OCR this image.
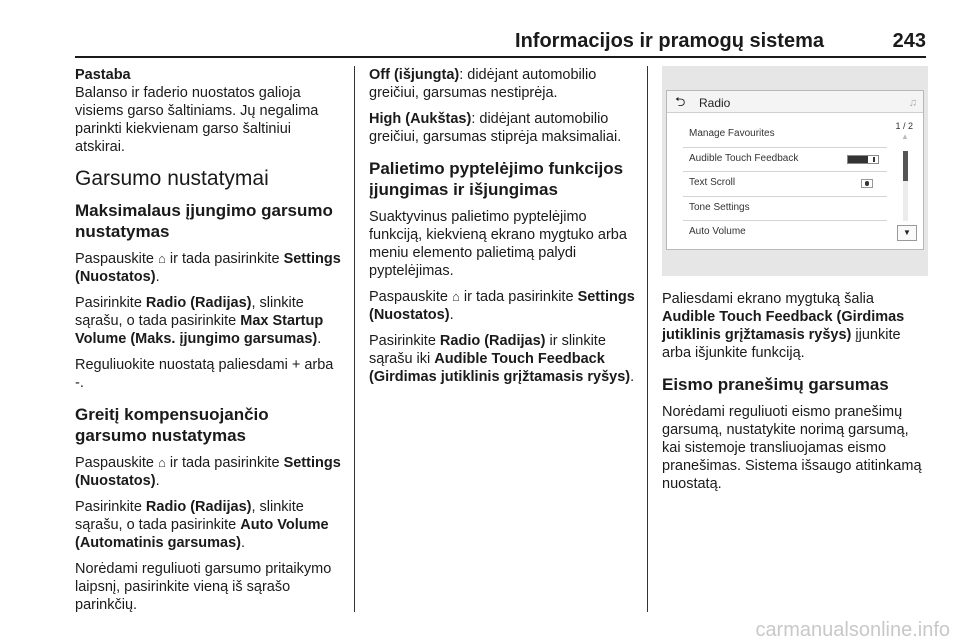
Informacijos ir pramogų sistema	243

Pastaba
Balanso ir faderio nuostatos galioja visiems garso šaltiniams. Jų negalima parinkti kiekvienam garso šaltiniui atskirai.

Garsumo nustatymai
Maksimalaus įjungimo garsumo nustatymas

Paspauskite ⌂ ir tada pasirinkite Settings (Nuostatos).

Pasirinkite Radio (Radijas), slinkite sąrašu, o tada pasirinkite Max Startup Volume (Maks. įjungimo garsumas).

Reguliuokite nuostatą paliesdami + arba -.

Greitį kompensuojančio garsumo nustatymas

Paspauskite ⌂ ir tada pasirinkite Settings (Nuostatos).

Pasirinkite Radio (Radijas), slinkite sąrašu, o tada pasirinkite Auto Volume (Automatinis garsumas).

Norėdami reguliuoti garsumo pritaikymo laipsnį, pasirinkite vieną iš sąrašo parinkčių.

Off (išjungta): didėjant automobilio greičiui, garsumas nestiprėja.

High (Aukštas): didėjant automobilio greičiui, garsumas stiprėja maksimaliai.

Palietimo pyptelėjimo funkcijos įjungimas ir išjungimas

Suaktyvinus palietimo pyptelėjimo funkciją, kiekvieną ekrano mygtuko arba meniu elemento palietimą palydi pyptelėjimas.

Paspauskite ⌂ ir tada pasirinkite Settings (Nuostatos).

Pasirinkite Radio (Radijas) ir slinkite sąrašu iki Audible Touch Feedback (Girdimas jutiklinis grįžtamasis ryšys).

⮌ Radio	♫
Manage Favourites
Audible Touch Feedback
Text Scroll
Tone Settings
Auto Volume
1 / 2
▲
▼

Paliesdami ekrano mygtuką šalia Audible Touch Feedback (Girdimas jutiklinis grįžtamasis ryšys) įjunkite arba išjunkite funkciją.

Eismo pranešimų garsumas

Norėdami reguliuoti eismo pranešimų garsumą, nustatykite norimą garsumą, kai sistemoje transliuojamas eismo pranešimas. Sistema išsaugo atitinkamą nuostatą.

carmanualsonline.info
